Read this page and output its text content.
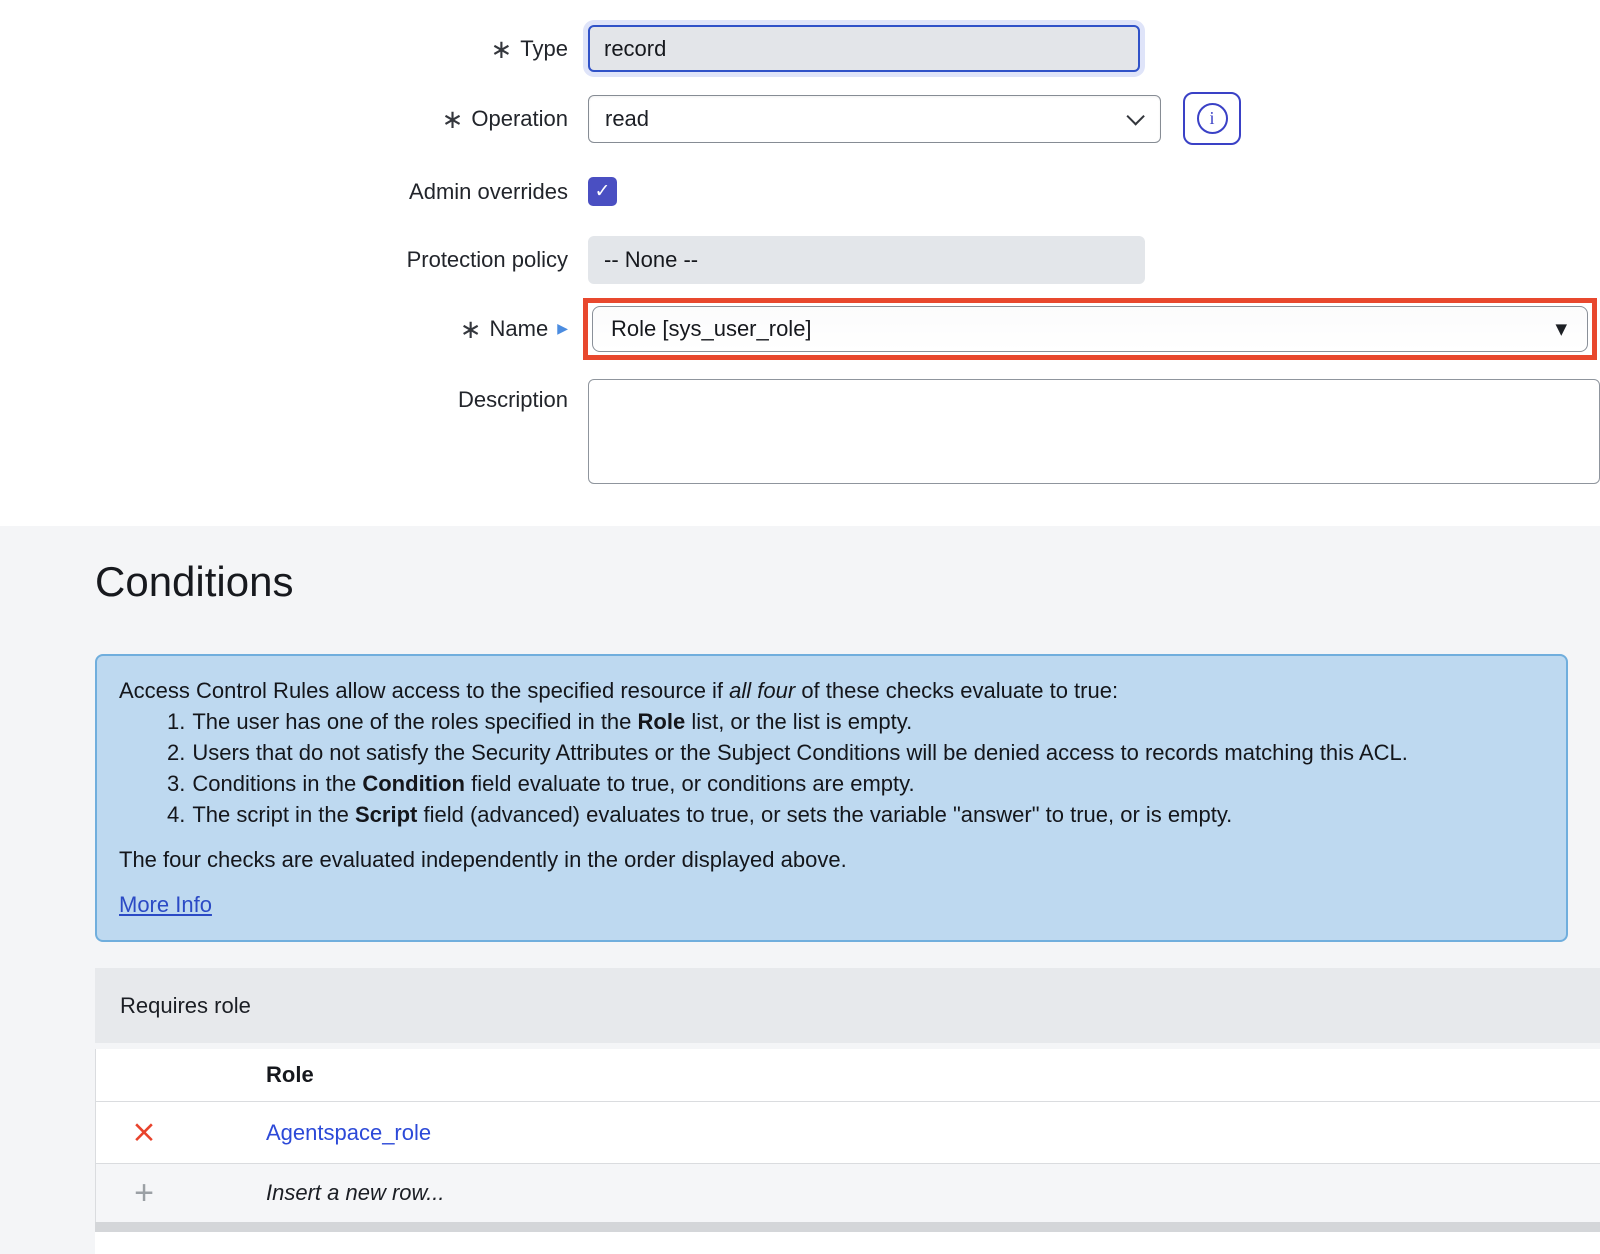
∗ Type
record
∗ Operation read	i
Admin overrides ✓
Protection policy -- None --
∗ Name ▶ Role [sys_user_role]	▼
Description
Conditions
Access Control Rules allow access to the specified resource if all four of these checks evaluate to true:
1. The user has one of the roles specified in the Role list, or the list is empty.
2. Users that do not satisfy the Security Attributes or the Subject Conditions will be denied access to records matching this ACL.
3. Conditions in the Condition field evaluate to true, or conditions are empty.
4. The script in the Script field (advanced) evaluates to true, or sets the variable "answer" to true, or is empty.
The four checks are evaluated independently in the order displayed above.
More Info
Requires role
Role
×	Agentspace_role
+	Insert a new row...
